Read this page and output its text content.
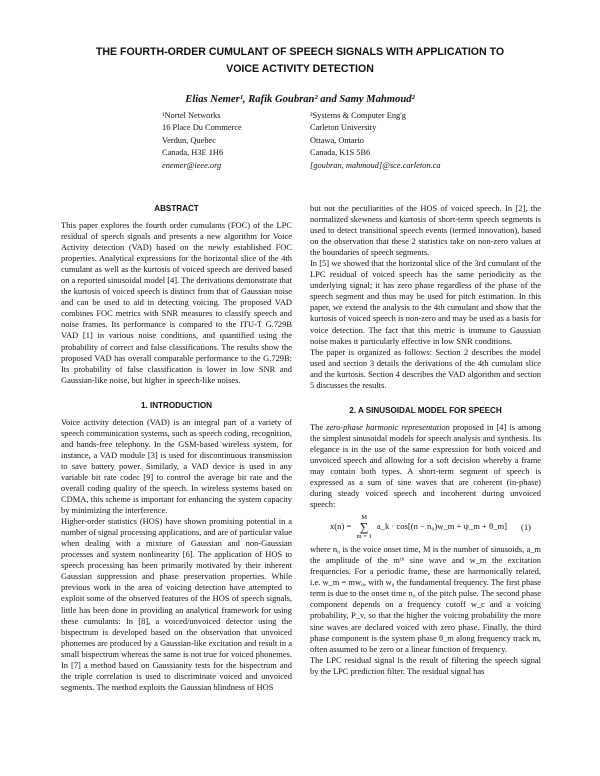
THE FOURTH-ORDER CUMULANT OF SPEECH SIGNALS WITH APPLICATION TO
VOICE ACTIVITY DETECTION
Elias Nemer¹, Rafik Goubran² and Samy Mahmoud²
¹Nortel Networks
16 Place Du Commerce
Verdun, Quebec
Canada, H3E 1H6
enemer@ieee.org
²Systems & Computer Eng'g
Carleton University
Ottawa, Ontario
Canada, K1S 5B6
[goubran, mahmoud]@sce.carleton.ca
ABSTRACT

This paper explores the fourth order cumulants (FOC) of the LPC residual of speech signals and presents a new algorithm for Voice Activity detection (VAD) based on the newly established FOC properties. Analytical expressions for the horizontal slice of the 4th cumulant as well as the kurtosis of voiced speech are derived based on a reported sinusoidal model [4]. The derivations demonstrate that the kurtosis of voiced speech is distinct from that of Gaussian noise and can be used to aid in detecting voicing. The proposed VAD combines FOC metrics with SNR measures to classify speech and noise frames. Its performance is compared to the ITU-T G.729B VAD [1] in various noise conditions, and quantified using the probability of correct and false classifications. The results show the proposed VAD has overall comparable performance to the G.729B: Its probability of false classification is lower in low SNR and Gaussian-like noise, but higher in speech-like noises.

1. INTRODUCTION

Voice activity detection (VAD) is an integral part of a variety of speech communication systems, such as speech coding, recognition, and hands-free telephony. In the GSM-based wireless system, for instance, a VAD module [3] is used for discontinuous transmission to save battery power. Similarly, a VAD device is used in any variable bit rate codec [9] to control the average bit rate and the overall coding quality of the speech. In wireless systems based on CDMA, this scheme is important for enhancing the system capacity by minimizing the interference.

Higher-order statistics (HOS) have shown promising potential in a number of signal processing applications, and are of particular value when dealing with a mixture of Gaussian and non-Gaussian processes and system nonlinearity [6]. The application of HOS to speech processing has been primarily motivated by their inherent Gaussian suppression and phase preservation properties. While previous work in the area of voicing detection have attempted to exploit some of the observed features of the HOS of speech signals, little has been done in providing an analytical framework for using these cumulants: In [8], a voiced/unvoiced detector using the bispectrum is developed based on the observation that unvoiced phonemes are produced by a Gaussian-like excitation and result in a small bispectrum whereas the same is not true for voiced phonemes. In [7] a method based on Gaussianity tests for the bispectrum and the triple correlation is used to discriminate voiced and unvoiced segments. The method exploits the Gaussian blindness of HOS

but not the peculiarities of the HOS of voiced speech. In [2], the normalized skewness and kurtosis of short-term speech segments is used to detect transitional speech events (termed innovation), based on the observation that these 2 statistics take on non-zero values at the boundaries of speech segments.

In [5] we showed that the horizontal slice of the 3rd cumulant of the LPC residual of voiced speech has the same periodicity as the underlying signal; it has zero phase regardless of the phase of the speech segment and thus may be used for pitch estimation. In this paper, we extend the analysis to the 4th cumulant and show that the kurtosis of voiced speech is non-zero and may be used as a basis for voice detection. The fact that this metric is immune to Gaussian noise makes it particularly effective in low SNR conditions.

The paper is organized as follows: Section 2 describes the model used and section 3 details the derivations of the 4th cumulant slice and the kurtosis. Section 4 describes the VAD algorithm and section 5 discusses the results.

2. A SINUSOIDAL MODEL FOR SPEECH

The zero-phase harmonic representation proposed in [4] is among the simplest sinusoidal models for speech analysis and synthesis. Its elegance is in the use of the same expression for both voiced and unvoiced speech and allowing for a soft decision whereby a frame may contain both types. A short-term segment of speech is expressed as a sum of sine waves that are coherent (in-phase) during steady voiced speech and incoherent during unvoiced speech:

x(n) =
M
∑
m = 1
a_k · cos[(n − n₀)w_m + ψ_m + θ_m] (1)

where n₀ is the voice onset time, M is the number of sinusoids, a_m the amplitude of the mᵗʰ sine wave and w_m the excitation frequencies. For a periodic frame, these are harmonically related, i.e. w_m = mw₀, with w₀ the fundamental frequency. The first phase term is due to the onset time n₀ of the pitch pulse. The second phase component depends on a frequency cutoff w_c and a voicing probability, P_v, so that the higher the voicing probability the more sine waves are declared voiced with zero phase. Finally, the third phase component is the system phase θ_m along frequency track m, often assumed to be zero or a linear function of frequency.

The LPC residual signal is the result of filtering the speech signal by the LPC prediction filter. The residual signal has
